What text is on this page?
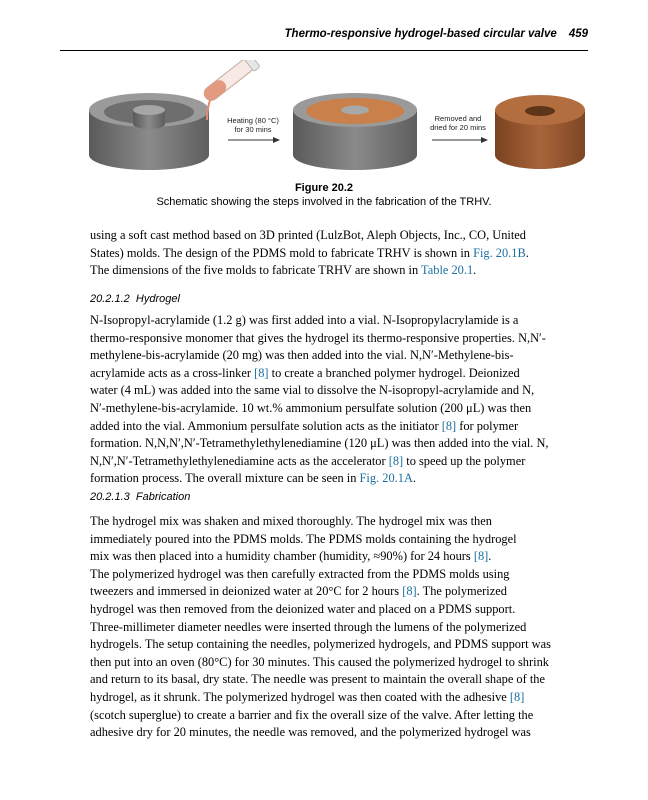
Thermo-responsive hydrogel-based circular valve 459
Heating (80 °C)
for 30 mins
Removed and
dried for 20 mins
Figure 20.2
Schematic showing the steps involved in the fabrication of the TRHV.
using a soft cast method based on 3D printed (LulzBot, Aleph Objects, Inc., CO, United
States) molds. The design of the PDMS mold to fabricate TRHV is shown in Fig. 20.1B.
The dimensions of the five molds to fabricate TRHV are shown in Table 20.1.
20.2.1.2 Hydrogel
N-Isopropyl-acrylamide (1.2 g) was first added into a vial. N-Isopropylacrylamide is a
thermo-responsive monomer that gives the hydrogel its thermo-responsive properties. N,N′-
methylene-bis-acrylamide (20 mg) was then added into the vial. N,N′-Methylene-bis-
acrylamide acts as a cross-linker [8] to create a branched polymer hydrogel. Deionized
water (4 mL) was added into the same vial to dissolve the N-isopropyl-acrylamide and N,
N′-methylene-bis-acrylamide. 10 wt.% ammonium persulfate solution (200 μL) was then
added into the vial. Ammonium persulfate solution acts as the initiator [8] for polymer
formation. N,N,N′,N′-Tetramethylethylenediamine (120 μL) was then added into the vial. N,
N,N′,N′-Tetramethylethylenediamine acts as the accelerator [8] to speed up the polymer
formation process. The overall mixture can be seen in Fig. 20.1A.
20.2.1.3 Fabrication
The hydrogel mix was shaken and mixed thoroughly. The hydrogel mix was then
immediately poured into the PDMS molds. The PDMS molds containing the hydrogel
mix was then placed into a humidity chamber (humidity, ≈90%) for 24 hours [8].
The polymerized hydrogel was then carefully extracted from the PDMS molds using
tweezers and immersed in deionized water at 20°C for 2 hours [8]. The polymerized
hydrogel was then removed from the deionized water and placed on a PDMS support.
Three-millimeter diameter needles were inserted through the lumens of the polymerized
hydrogels. The setup containing the needles, polymerized hydrogels, and PDMS support was
then put into an oven (80°C) for 30 minutes. This caused the polymerized hydrogel to shrink
and return to its basal, dry state. The needle was present to maintain the overall shape of the
hydrogel, as it shrunk. The polymerized hydrogel was then coated with the adhesive [8]
(scotch superglue) to create a barrier and fix the overall size of the valve. After letting the
adhesive dry for 20 minutes, the needle was removed, and the polymerized hydrogel was
